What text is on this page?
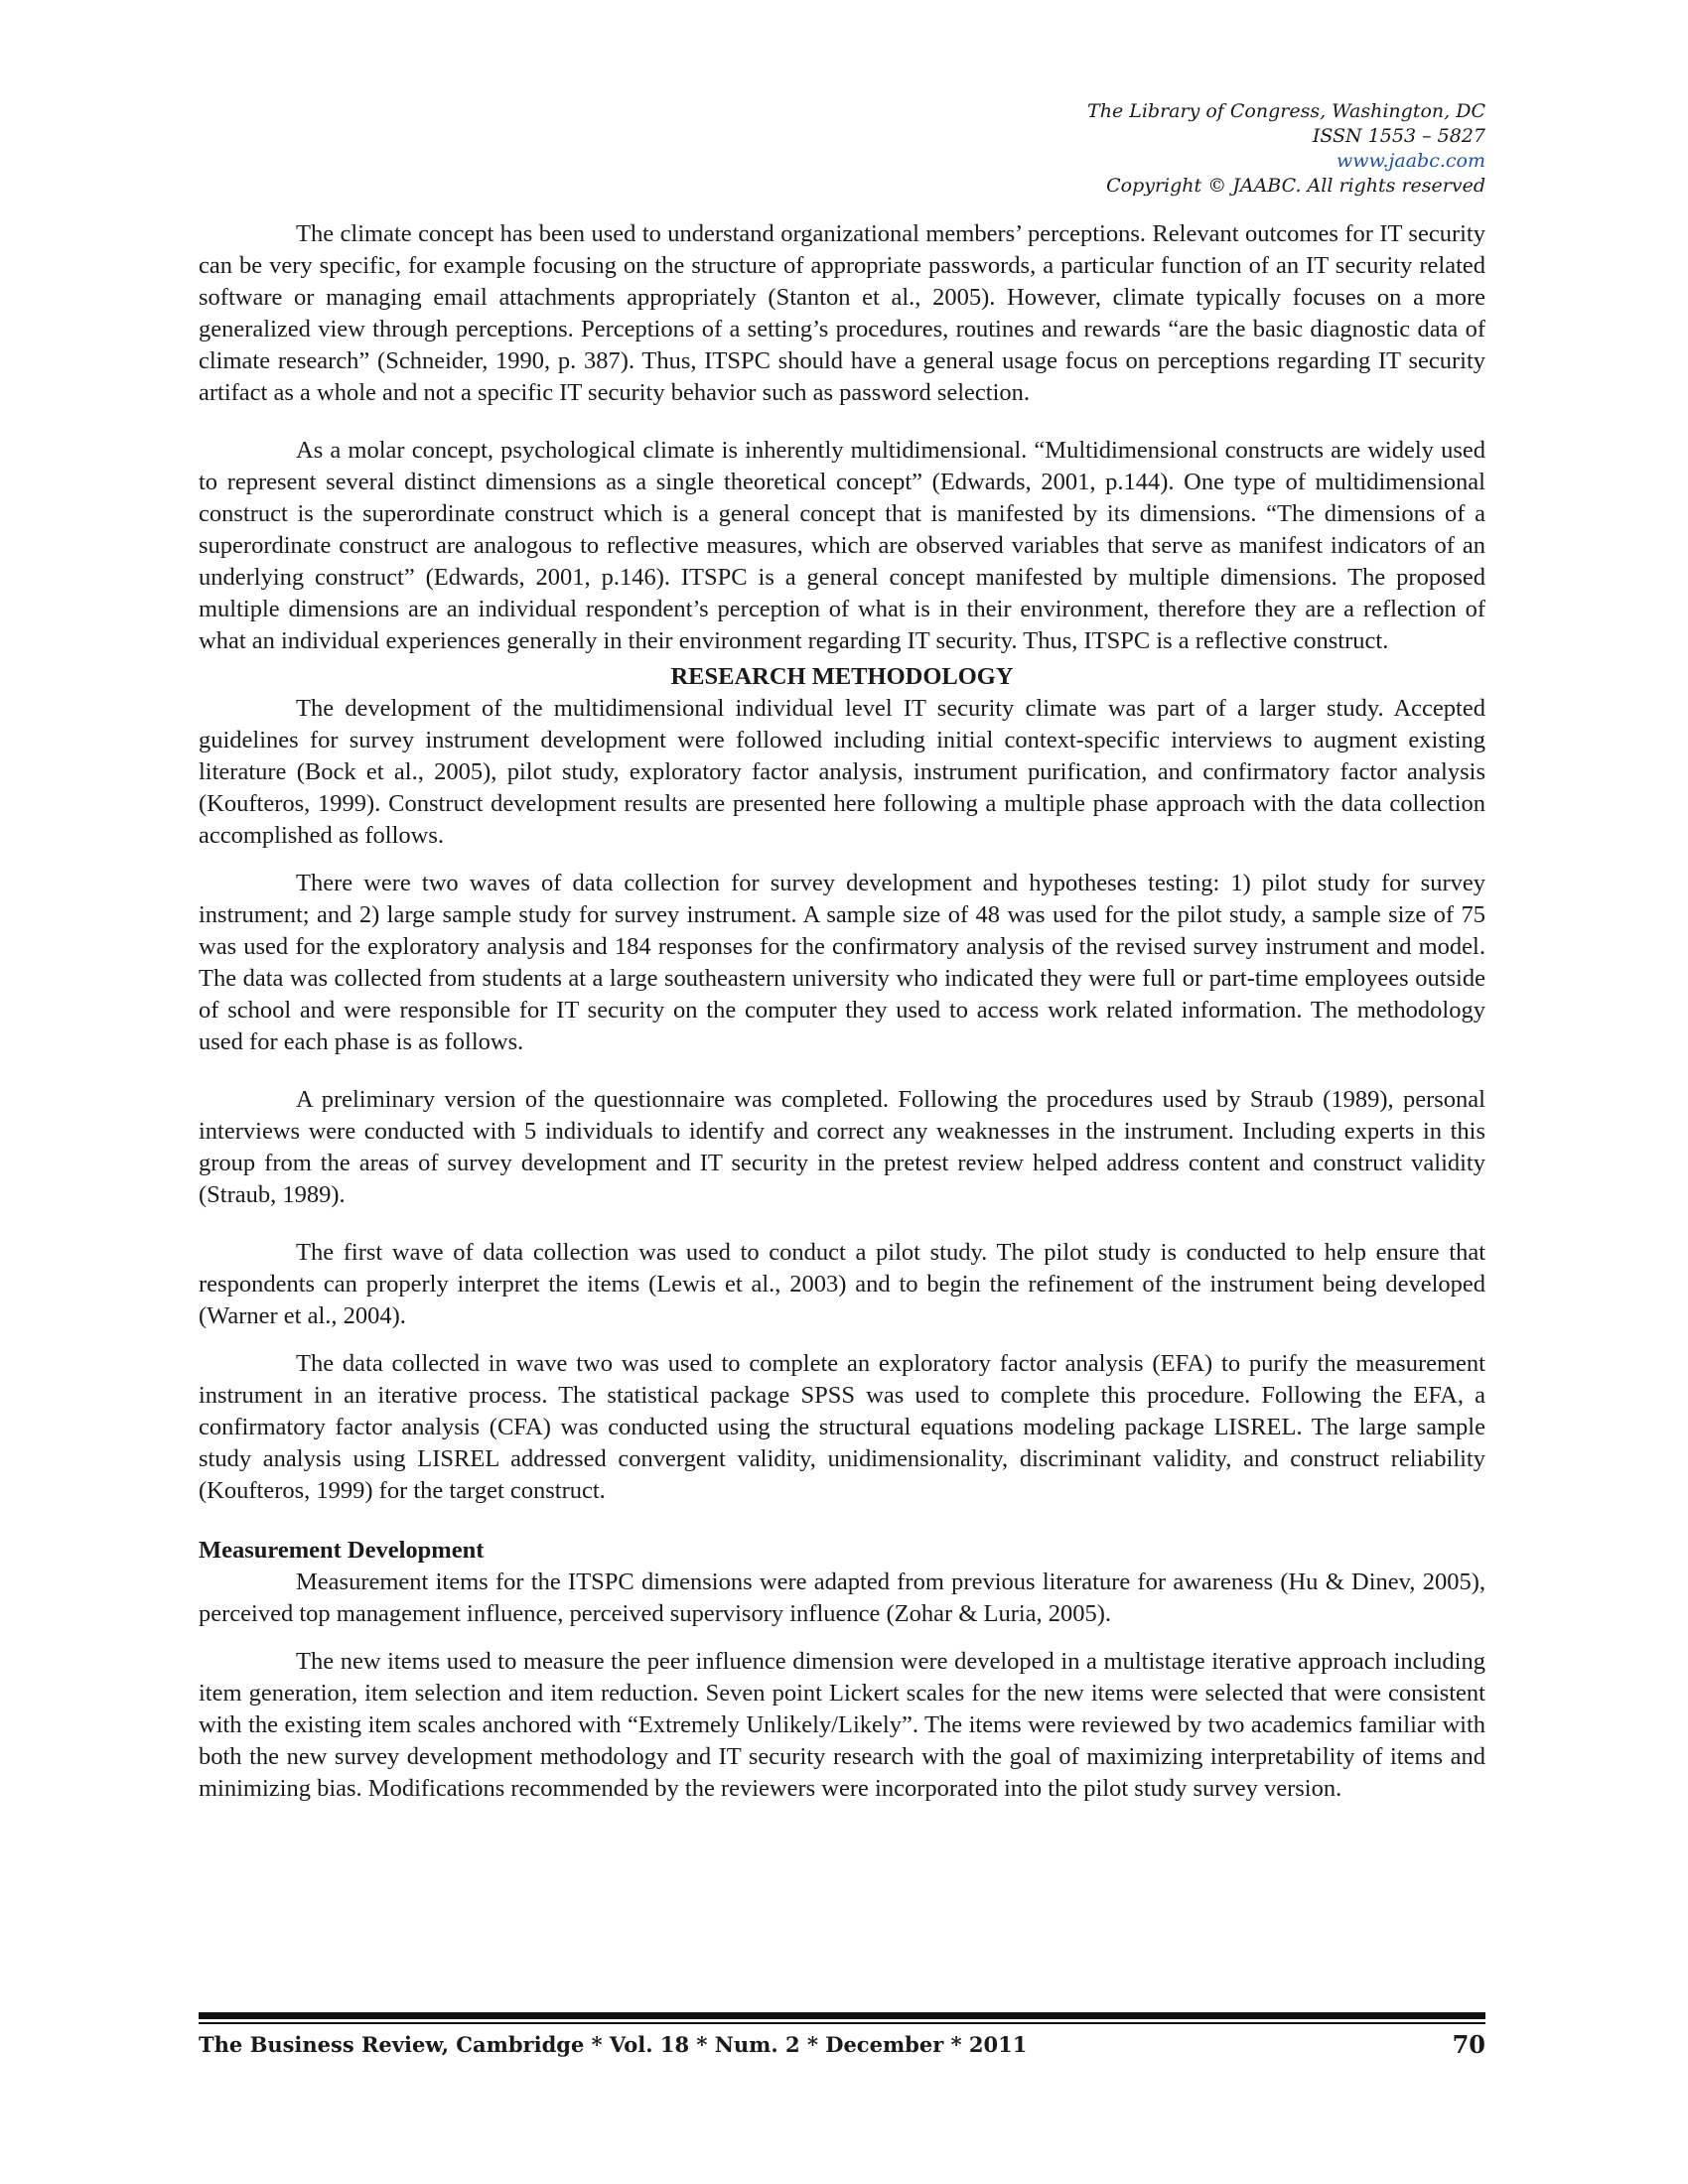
The Library of Congress, Washington, DC
ISSN 1553 – 5827
www.jaabc.com
Copyright © JAABC. All rights reserved

The climate concept has been used to understand organizational members’ perceptions. Relevant outcomes for IT security can be very specific, for example focusing on the structure of appropriate passwords, a particular function of an IT security related software or managing email attachments appropriately (Stanton et al., 2005). However, climate typically focuses on a more generalized view through perceptions. Perceptions of a setting’s procedures, routines and rewards “are the basic diagnostic data of climate research” (Schneider, 1990, p. 387). Thus, ITSPC should have a general usage focus on perceptions regarding IT security artifact as a whole and not a specific IT security behavior such as password selection.

As a molar concept, psychological climate is inherently multidimensional. “Multidimensional constructs are widely used to represent several distinct dimensions as a single theoretical concept” (Edwards, 2001, p.144). One type of multidimensional construct is the superordinate construct which is a general concept that is manifested by its dimensions. “The dimensions of a superordinate construct are analogous to reflective measures, which are observed variables that serve as manifest indicators of an underlying construct” (Edwards, 2001, p.146). ITSPC is a general concept manifested by multiple dimensions. The proposed multiple dimensions are an individual respondent’s perception of what is in their environment, therefore they are a reflection of what an individual experiences generally in their environment regarding IT security. Thus, ITSPC is a reflective construct.

RESEARCH METHODOLOGY

The development of the multidimensional individual level IT security climate was part of a larger study. Accepted guidelines for survey instrument development were followed including initial context-specific interviews to augment existing literature (Bock et al., 2005), pilot study, exploratory factor analysis, instrument purification, and confirmatory factor analysis (Koufteros, 1999). Construct development results are presented here following a multiple phase approach with the data collection accomplished as follows.

There were two waves of data collection for survey development and hypotheses testing: 1) pilot study for survey instrument; and 2) large sample study for survey instrument. A sample size of 48 was used for the pilot study, a sample size of 75 was used for the exploratory analysis and 184 responses for the confirmatory analysis of the revised survey instrument and model. The data was collected from students at a large southeastern university who indicated they were full or part-time employees outside of school and were responsible for IT security on the computer they used to access work related information. The methodology used for each phase is as follows.

A preliminary version of the questionnaire was completed. Following the procedures used by Straub (1989), personal interviews were conducted with 5 individuals to identify and correct any weaknesses in the instrument. Including experts in this group from the areas of survey development and IT security in the pretest review helped address content and construct validity (Straub, 1989).

The first wave of data collection was used to conduct a pilot study. The pilot study is conducted to help ensure that respondents can properly interpret the items (Lewis et al., 2003) and to begin the refinement of the instrument being developed (Warner et al., 2004).

The data collected in wave two was used to complete an exploratory factor analysis (EFA) to purify the measurement instrument in an iterative process. The statistical package SPSS was used to complete this procedure. Following the EFA, a confirmatory factor analysis (CFA) was conducted using the structural equations modeling package LISREL. The large sample study analysis using LISREL addressed convergent validity, unidimensionality, discriminant validity, and construct reliability (Koufteros, 1999) for the target construct.

Measurement Development

Measurement items for the ITSPC dimensions were adapted from previous literature for awareness (Hu & Dinev, 2005), perceived top management influence, perceived supervisory influence (Zohar & Luria, 2005).

The new items used to measure the peer influence dimension were developed in a multistage iterative approach including item generation, item selection and item reduction. Seven point Lickert scales for the new items were selected that were consistent with the existing item scales anchored with “Extremely Unlikely/Likely”. The items were reviewed by two academics familiar with both the new survey development methodology and IT security research with the goal of maximizing interpretability of items and minimizing bias. Modifications recommended by the reviewers were incorporated into the pilot study survey version.

The Business Review, Cambridge * Vol. 18 * Num. 2 * December * 2011	70
